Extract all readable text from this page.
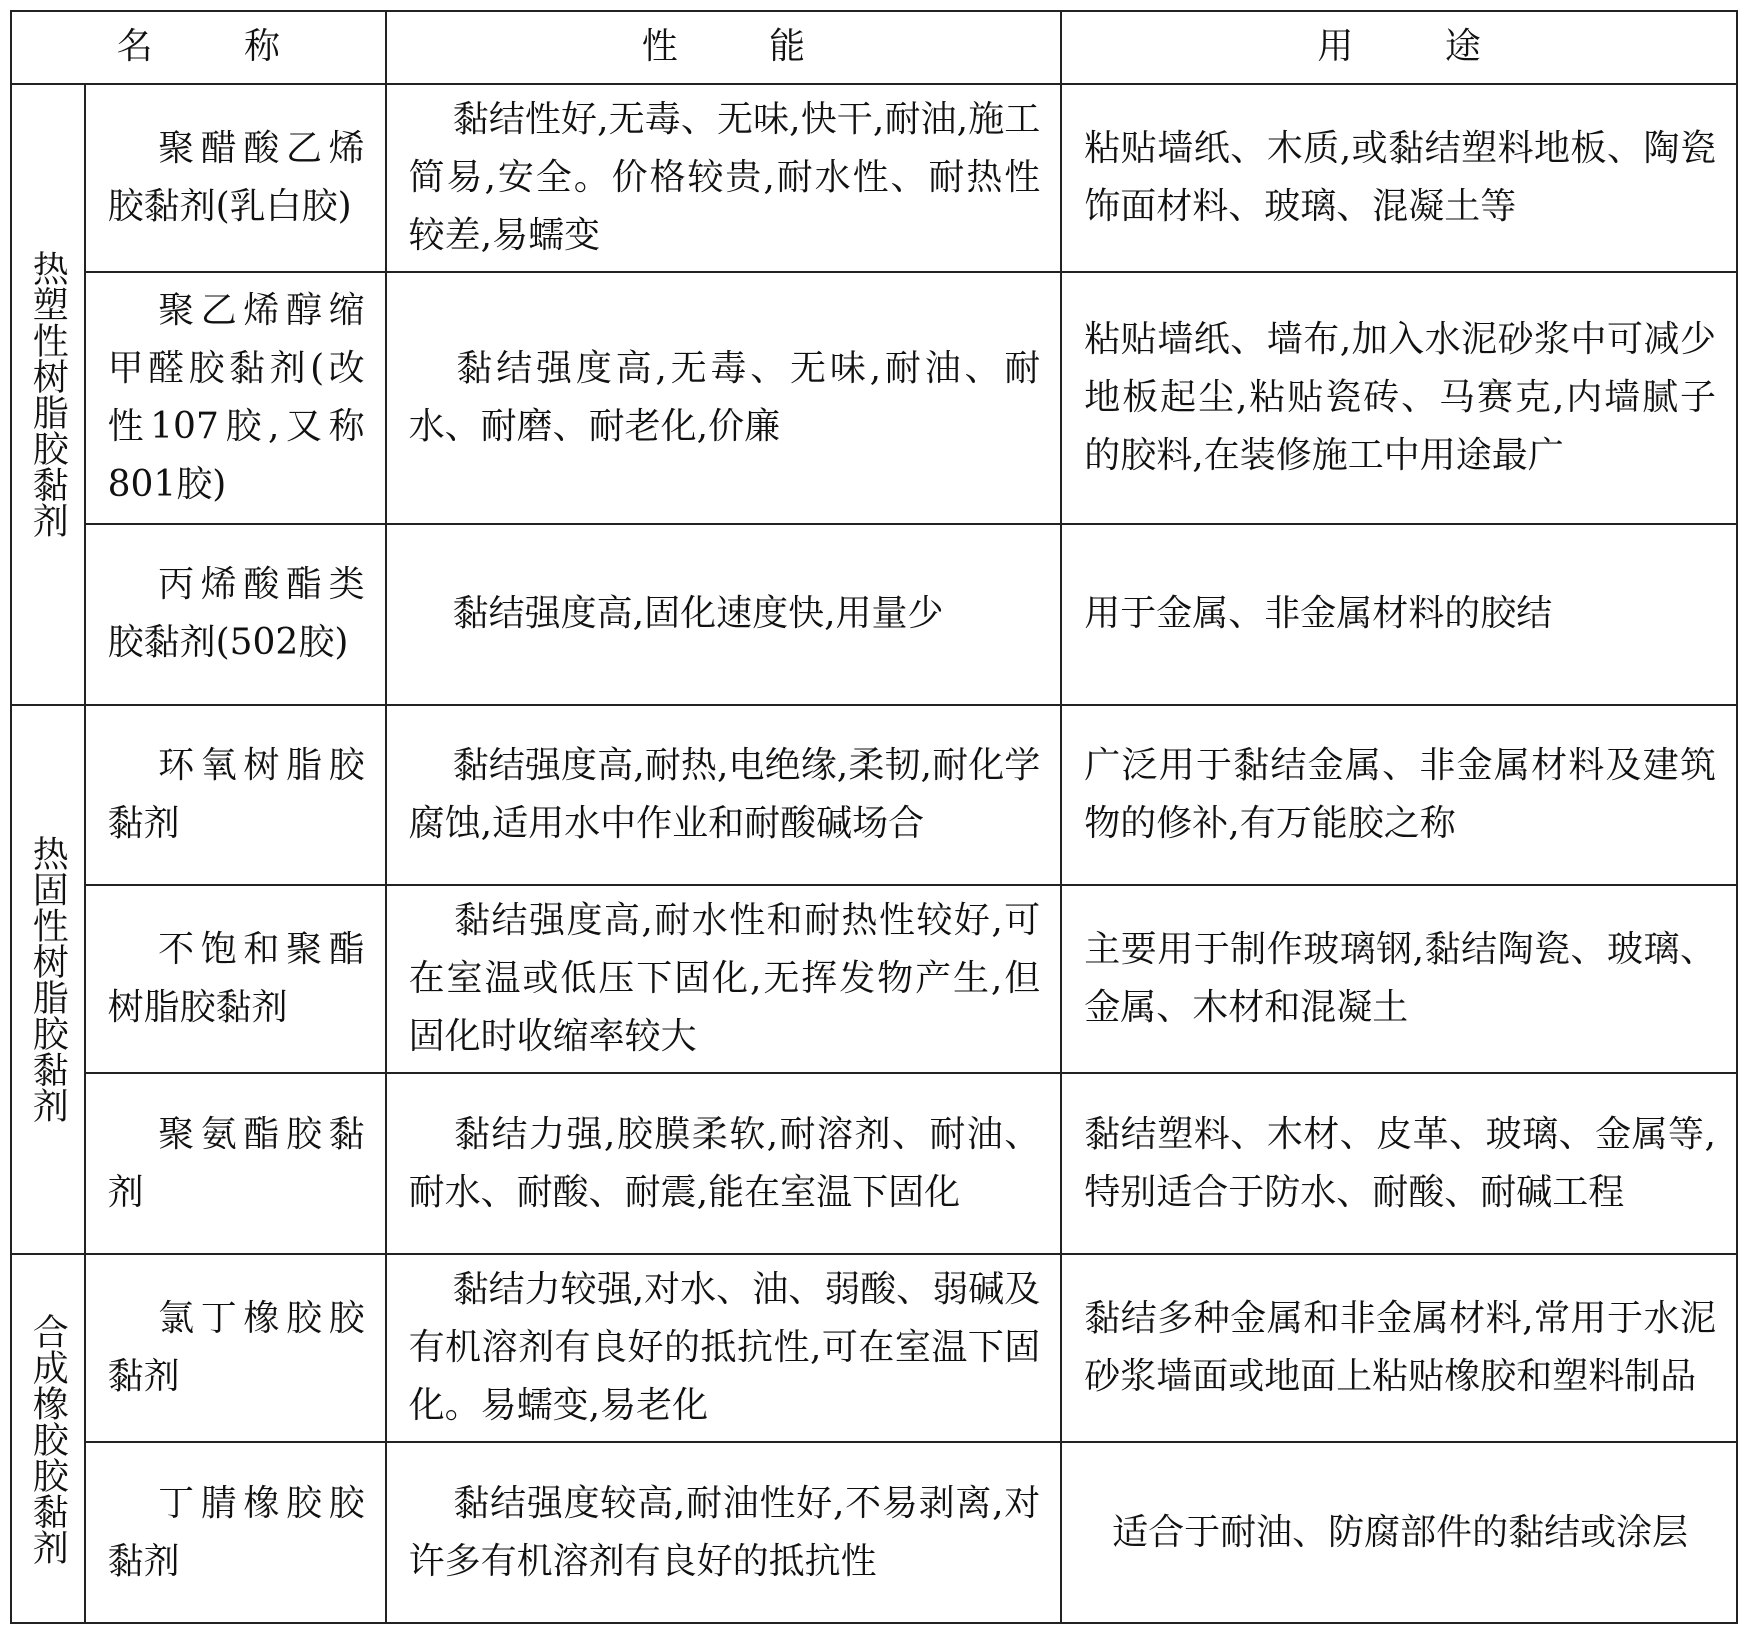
名 称		性 能	用 途
热塑性树脂胶黏剂	聚醋酸乙烯胶黏剂(乳白胶)	黏结性好,无毒、无味,快干,耐油,施工简易,安全。价格较贵,耐水性、耐热性较差,易蠕变	粘贴墙纸、木质,或黏结塑料地板、陶瓷饰面材料、玻璃、混凝土等
	聚乙烯醇缩甲醛胶黏剂(改性107胶,又称801胶)	黏结强度高,无毒、无味,耐油、耐水、耐磨、耐老化,价廉	粘贴墙纸、墙布,加入水泥砂浆中可减少地板起尘,粘贴瓷砖、马赛克,内墙腻子的胶料,在装修施工中用途最广
	丙烯酸酯类胶黏剂(502胶)	黏结强度高,固化速度快,用量少	用于金属、非金属材料的胶结
热固性树脂胶黏剂	环氧树脂胶黏剂	黏结强度高,耐热,电绝缘,柔韧,耐化学腐蚀,适用水中作业和耐酸碱场合	广泛用于黏结金属、非金属材料及建筑物的修补,有万能胶之称
	不饱和聚酯树脂胶黏剂	黏结强度高,耐水性和耐热性较好,可在室温或低压下固化,无挥发物产生,但固化时收缩率较大	主要用于制作玻璃钢,黏结陶瓷、玻璃、金属、木材和混凝土
	聚氨酯胶黏剂	黏结力强,胶膜柔软,耐溶剂、耐油、耐水、耐酸、耐震,能在室温下固化	黏结塑料、木材、皮革、玻璃、金属等,特别适合于防水、耐酸、耐碱工程
合成橡胶胶黏剂	氯丁橡胶胶黏剂	黏结力较强,对水、油、弱酸、弱碱及有机溶剂有良好的抵抗性,可在室温下固化。易蠕变,易老化	黏结多种金属和非金属材料,常用于水泥砂浆墙面或地面上粘贴橡胶和塑料制品
	丁腈橡胶胶黏剂	黏结强度较高,耐油性好,不易剥离,对许多有机溶剂有良好的抵抗性	适合于耐油、防腐部件的黏结或涂层
